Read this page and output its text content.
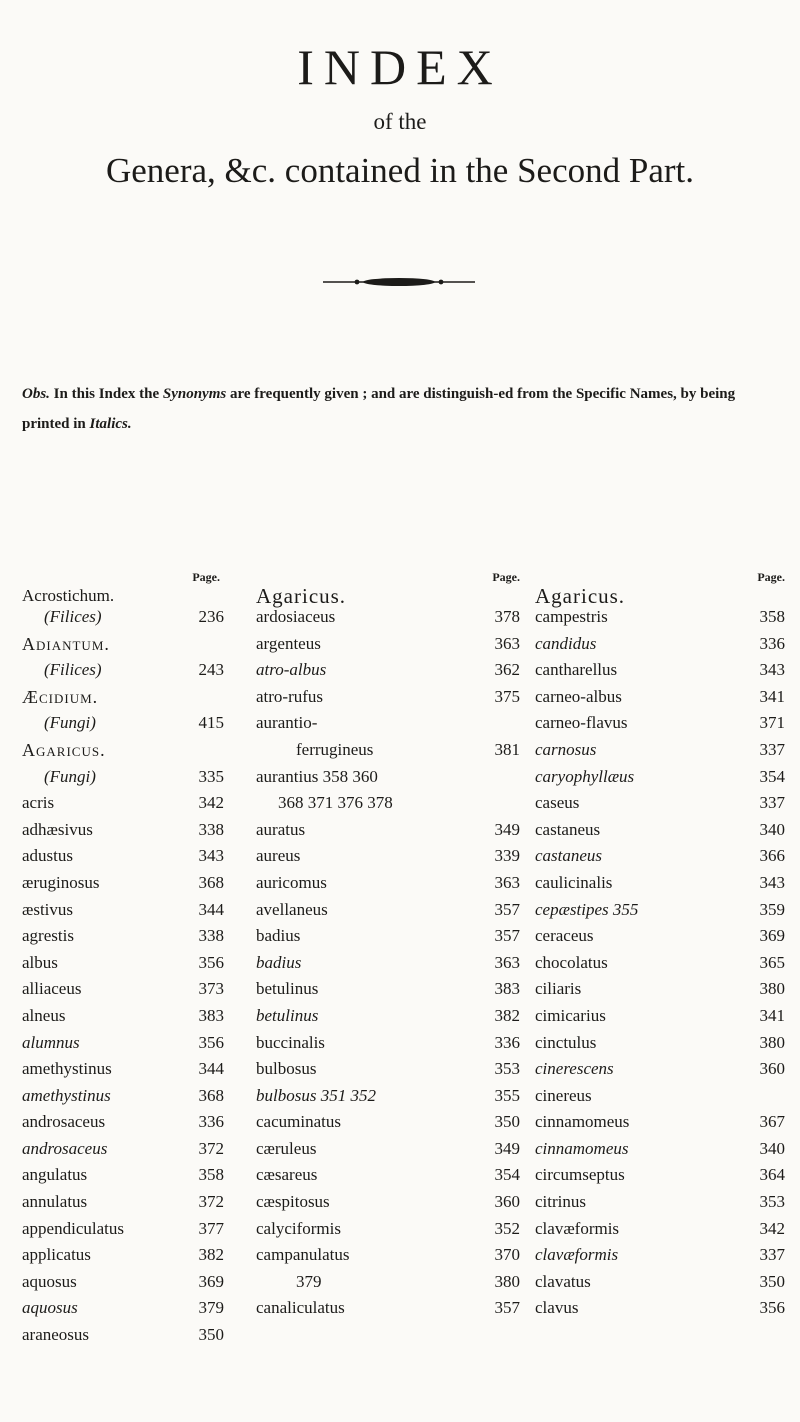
INDEX
of the
Genera, &c. contained in the Second Part.
Obs. In this Index the Synonyms are frequently given ; and are distinguish-ed from the Specific Names, by being printed in Italics.
Page.
Acrostichum.
(Filices)	236
Adiantum.
(Filices)	243
Æcidium.
(Fungi)	415
Agaricus.
(Fungi)	335
acris	342
adhæsivus	338
adustus	343
æruginosus	368
æstivus	344
agrestis	338
albus	356
alliaceus	373
alneus	383
alumnus	356
amethystinus	344
amethystinus	368
androsaceus	336
androsaceus	372
angulatus	358
annulatus	372
appendiculatus	377
applicatus	382
aquosus	369
aquosus	379
araneosus	350
Page.
Agaricus.
ardosiaceus	378
argenteus	363
atro-albus	362
atro-rufus	375
aurantio-
ferrugineus	381
aurantius 358 360
368 371 376 378
auratus	349
aureus	339
auricomus	363
avellaneus	357
badius	357
badius	363
betulinus	383
betulinus	382
buccinalis	336
bulbosus	353
bulbosus 351 352	355
cacuminatus	350
cæruleus	349
cæsareus	354
cæspitosus	360
calyciformis	352
campanulatus	370
379	380
canaliculatus	357
Page.
Agaricus.
campestris	358
candidus	336
cantharellus	343
carneo-albus	341
carneo-flavus	371
carnosus	337
caryophyllæus	354
caseus	337
castaneus	340
castaneus	366
caulicinalis	343
cepæstipes 355	359
ceraceus	369
chocolatus	365
ciliaris	380
cimicarius	341
cinctulus	380
cinerescens	360
cinereus
cinnamomeus	367
cinnamomeus	340
circumseptus	364
citrinus	353
clavæformis	342
clavæformis	337
clavatus	350
clavus	356
